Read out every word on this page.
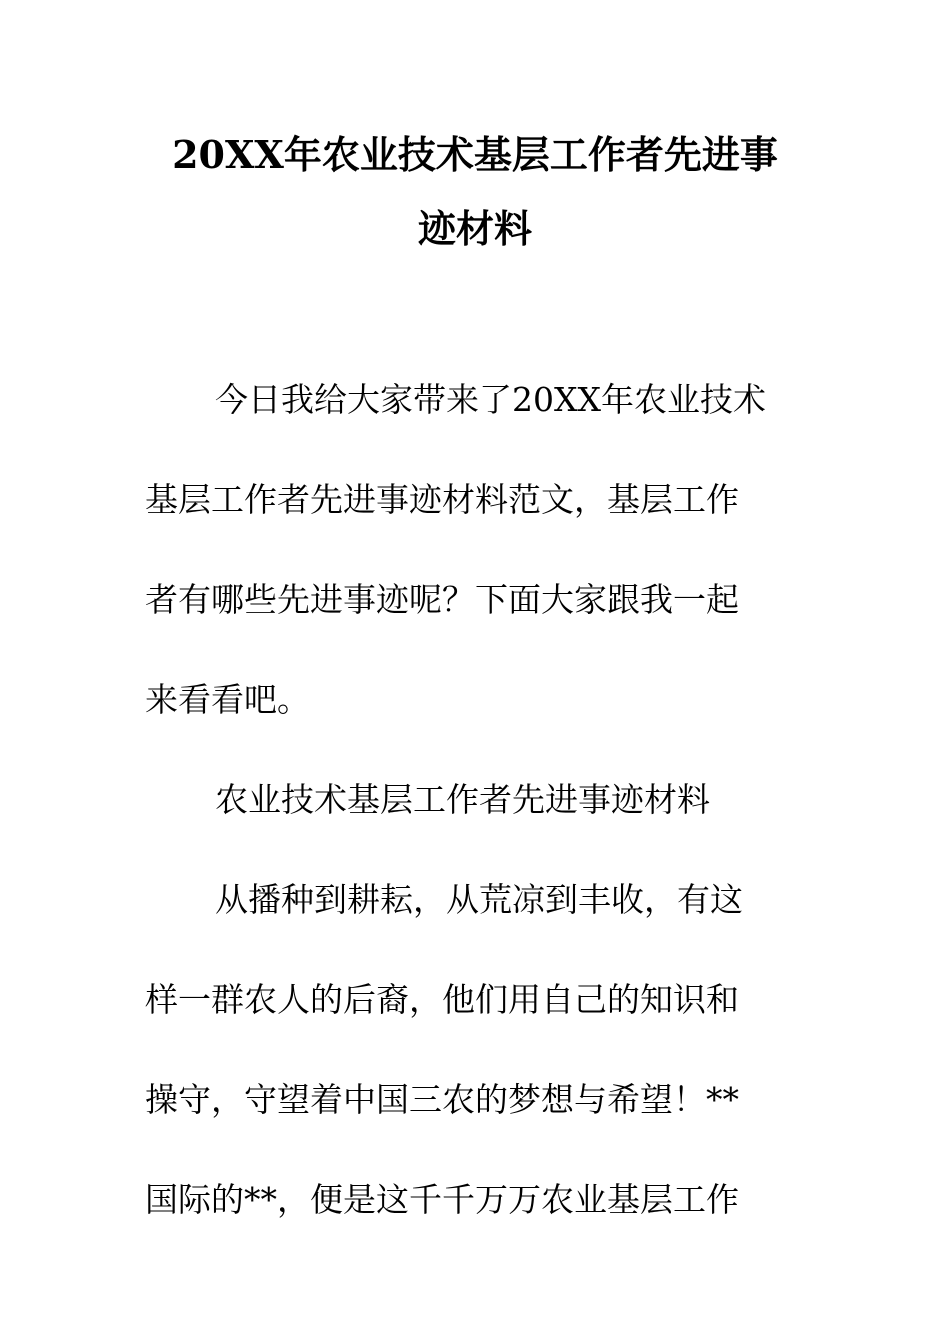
20XX年农业技术基层工作者先进事
迹材料

今日我给大家带来了20XX年农业技术

基层工作者先进事迹材料范文，基层工作

者有哪些先进事迹呢？下面大家跟我一起

来看看吧。

农业技术基层工作者先进事迹材料

从播种到耕耘，从荒凉到丰收，有这

样一群农人的后裔，他们用自己的知识和

操守，守望着中国三农的梦想与希望！**

国际的**，便是这千千万万农业基层工作
